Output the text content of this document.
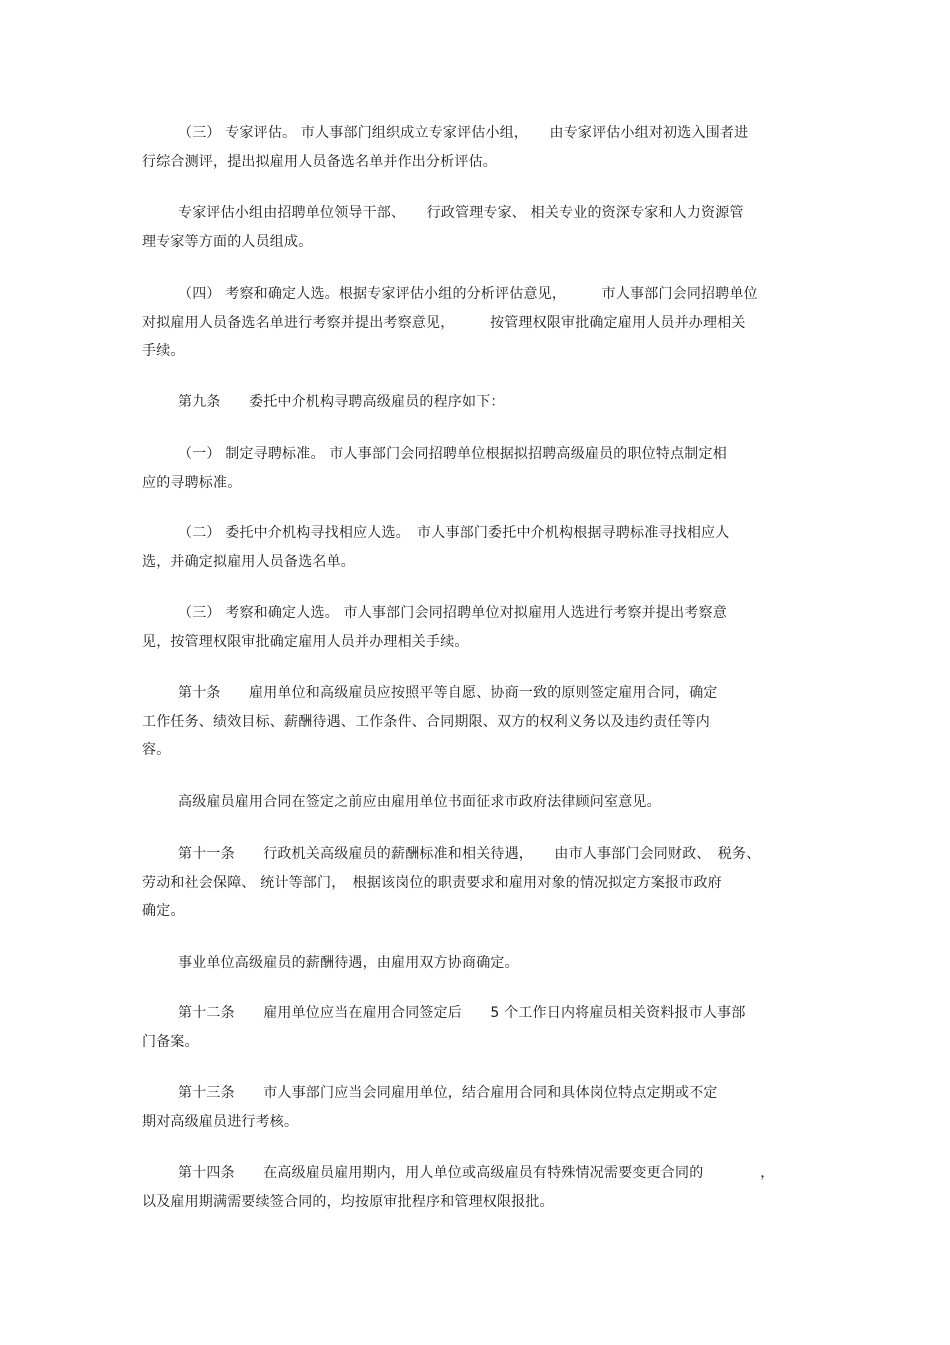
（三） 专家评估。 市人事部门组织成立专家评估小组，　　由专家评估小组对初选入围者进
行综合测评，提出拟雇用人员备选名单并作出分析评估。
专家评估小组由招聘单位领导干部、　　行政管理专家、 相关专业的资深专家和人力资源管
理专家等方面的人员组成。
（四） 考察和确定人选。根据专家评估小组的分析评估意见，　　　市人事部门会同招聘单位
对拟雇用人员备选名单进行考察并提出考察意见，　　　按管理权限审批确定雇用人员并办理相关
手续。
第九条　　委托中介机构寻聘高级雇员的程序如下：
（一） 制定寻聘标准。 市人事部门会同招聘单位根据拟招聘高级雇员的职位特点制定相
应的寻聘标准。
（二） 委托中介机构寻找相应人选。　市人事部门委托中介机构根据寻聘标准寻找相应人
选，并确定拟雇用人员备选名单。
（三） 考察和确定人选。 市人事部门会同招聘单位对拟雇用人选进行考察并提出考察意
见，按管理权限审批确定雇用人员并办理相关手续。
第十条　　雇用单位和高级雇员应按照平等自愿、协商一致的原则签定雇用合同，确定
工作任务、绩效目标、薪酬待遇、工作条件、合同期限、双方的权利义务以及违约责任等内
容。
高级雇员雇用合同在签定之前应由雇用单位书面征求市政府法律顾问室意见。
第十一条　　行政机关高级雇员的薪酬标准和相关待遇，　　由市人事部门会同财政、　税务、
劳动和社会保障、 统计等部门，　根据该岗位的职责要求和雇用对象的情况拟定方案报市政府
确定。
事业单位高级雇员的薪酬待遇，由雇用双方协商确定。
第十二条　　雇用单位应当在雇用合同签定后　　5 个工作日内将雇员相关资料报市人事部
门备案。
第十三条　　市人事部门应当会同雇用单位，结合雇用合同和具体岗位特点定期或不定
期对高级雇员进行考核。
第十四条　　在高级雇员雇用期内，用人单位或高级雇员有特殊情况需要变更合同的　　　　，
以及雇用期满需要续签合同的，均按原审批程序和管理权限报批。
